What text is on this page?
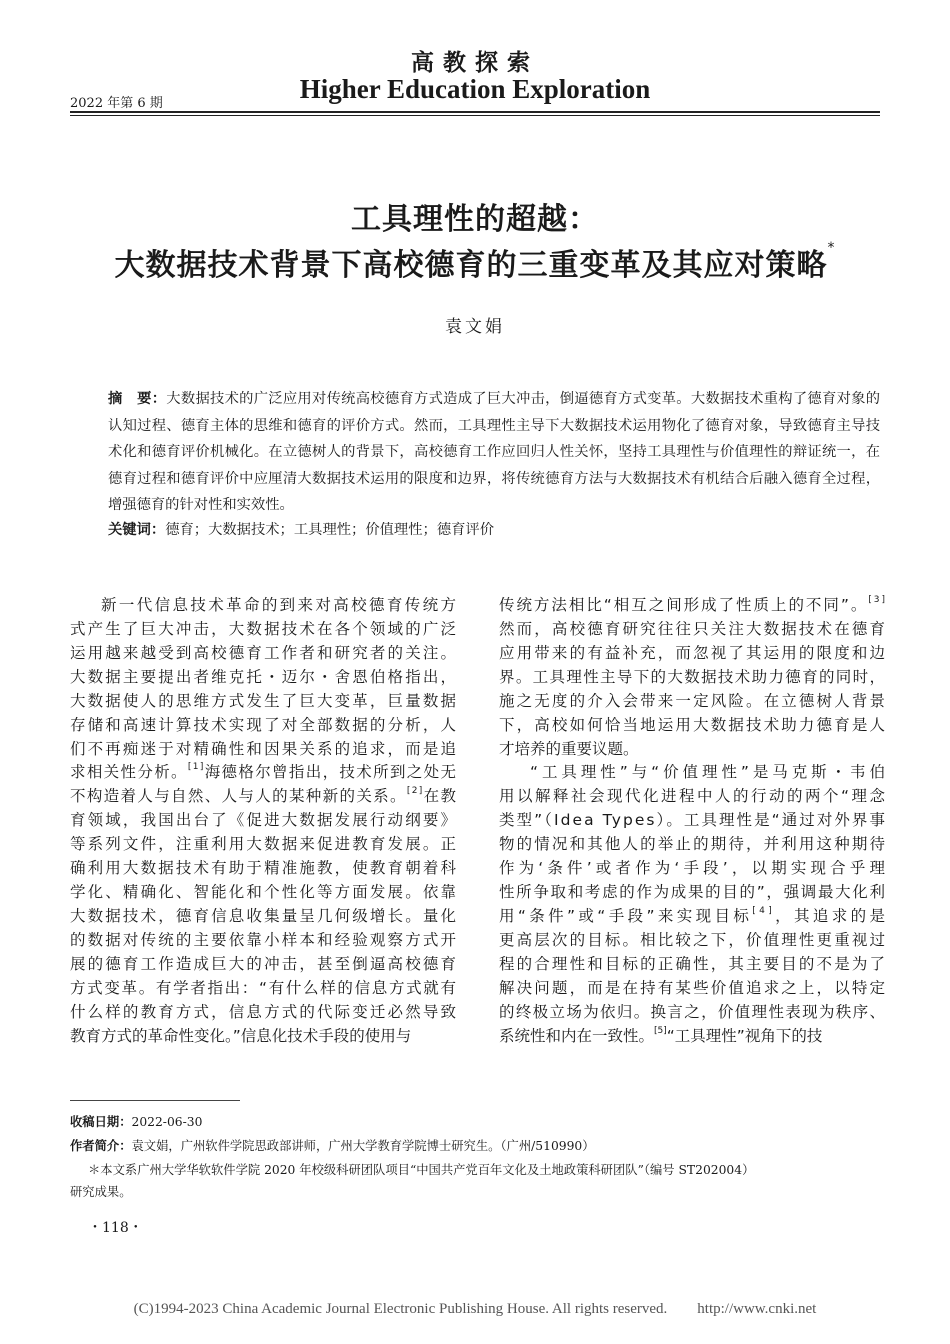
高教探索
2022 年第 6 期	Higher Education Exploration
工具理性的超越：
大数据技术背景下高校德育的三重变革及其应对策略*
袁文娟
摘　要：大数据技术的广泛应用对传统高校德育方式造成了巨大冲击，倒逼德育方式变革。大数据技术重构了德育对象的认知过程、德育主体的思维和德育的评价方式。然而，工具理性主导下大数据技术运用物化了德育对象，导致德育主导技术化和德育评价机械化。在立德树人的背景下，高校德育工作应回归人性关怀，坚持工具理性与价值理性的辩证统一，在德育过程和德育评价中应厘清大数据技术运用的限度和边界，将传统德育方法与大数据技术有机结合后融入德育全过程，增强德育的针对性和实效性。
关键词：德育；大数据技术；工具理性；价值理性；德育评价
新一代信息技术革命的到来对高校德育传统方
式产生了巨大冲击，大数据技术在各个领域的广泛
运用越来越受到高校德育工作者和研究者的关注。
大数据主要提出者维克托・迈尔・舍恩伯格指出，
大数据使人的思维方式发生了巨大变革，巨量数据
存储和高速计算技术实现了对全部数据的分析，人
们不再痴迷于对精确性和因果关系的追求，而是追
求相关性分析。[1]海德格尔曾指出，技术所到之处无
不构造着人与自然、人与人的某种新的关系。[2]在教
育领域，我国出台了《促进大数据发展行动纲要》
等系列文件，注重利用大数据来促进教育发展。正
确利用大数据技术有助于精准施教，使教育朝着科
学化、精确化、智能化和个性化等方面发展。依靠
大数据技术，德育信息收集量呈几何级增长。量化
的数据对传统的主要依靠小样本和经验观察方式开
展的德育工作造成巨大的冲击，甚至倒逼高校德育
方式变革。有学者指出：“有什么样的信息方式就有
什么样的教育方式，信息方式的代际变迁必然导致
教育方式的革命性变化。”信息化技术手段的使用与
传统方法相比“相互之间形成了性质上的不同”。[3]
然而，高校德育研究往往只关注大数据技术在德育
应用带来的有益补充，而忽视了其运用的限度和边
界。工具理性主导下的大数据技术助力德育的同时，
施之无度的介入会带来一定风险。在立德树人背景
下，高校如何恰当地运用大数据技术助力德育是人
才培养的重要议题。
“工具理性”与“价值理性”是马克斯・韦伯
用以解释社会现代化进程中人的行动的两个“理念
类型”（Idea Types）。工具理性是“通过对外界事
物的情况和其他人的举止的期待，并利用这种期待
作为‘条件’或者作为‘手段’，以期实现合乎理
性所争取和考虑的作为成果的目的”，强调最大化利
用“条件”或“手段”来实现目标[4]，其追求的是
更高层次的目标。相比较之下，价值理性更重视过
程的合理性和目标的正确性，其主要目的不是为了
解决问题，而是在持有某些价值追求之上，以特定
的终极立场为依归。换言之，价值理性表现为秩序、
系统性和内在一致性。[5]“工具理性”视角下的技
收稿日期：2022-06-30
作者简介：袁文娟，广州软件学院思政部讲师，广州大学教育学院博士研究生。（广州/510990）
＊本文系广州大学华软软件学院 2020 年校级科研团队项目“中国共产党百年文化及土地政策科研团队”（编号 ST202004）
研究成果。
・118・
(C)1994-2023 China Academic Journal Electronic Publishing House. All rights reserved.　　http://www.cnki.net
